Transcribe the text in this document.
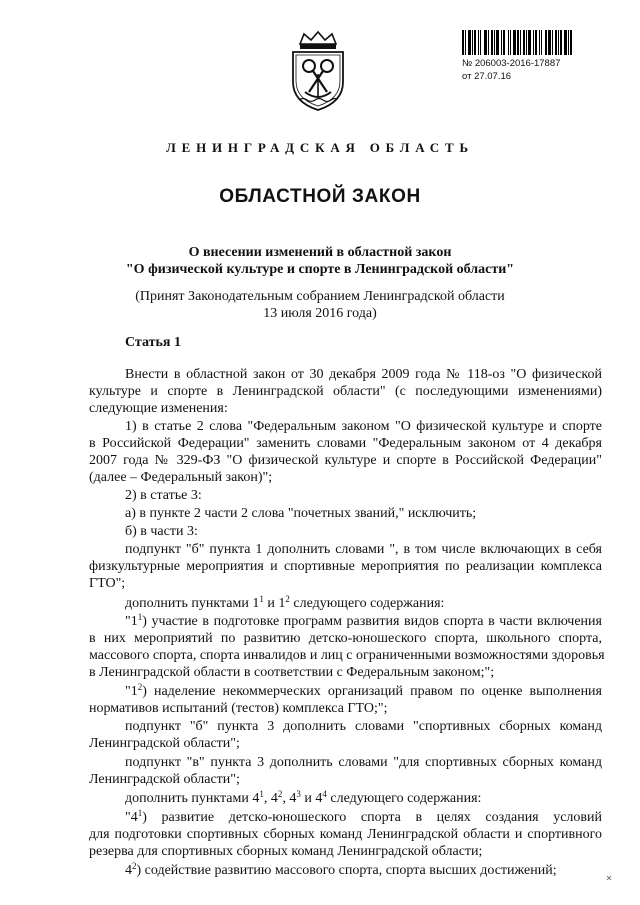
№ 206003-2016-17887
от 27.07.16
ЛЕНИНГРАДСКАЯ ОБЛАСТЬ
ОБЛАСТНОЙ ЗАКОН
О внесении изменений в областной закон
"О физической культуре и спорте в Ленинградской области"
(Принят Законодательным собранием Ленинградской области
13 июля 2016 года)
Статья 1
Внести в областной закон от 30 декабря 2009 года № 118-оз "О физической
культуре и спорте в Ленинградской области" (с последующими изменениями)
следующие изменения:
1) в статье 2 слова "Федеральным законом "О физической культуре и спорте
в Российской Федерации" заменить словами "Федеральным законом от 4 декабря
2007 года № 329-ФЗ "О физической культуре и спорте в Российской Федерации"
(далее – Федеральный закон)";
2) в статье 3:
а) в пункте 2 части 2 слова "почетных званий," исключить;
б) в части 3:
подпункт "б" пункта 1 дополнить словами ", в том числе включающих в себя
физкультурные мероприятия и спортивные мероприятия по реализации комплекса
ГТО";
дополнить пунктами $1^1$ и $1^2$ следующего содержания:
"$1^1$) участие в подготовке программ развития видов спорта в части включения
в них мероприятий по развитию детско-юношеского спорта, школьного спорта,
массового спорта, спорта инвалидов и лиц с ограниченными возможностями здоровья
в Ленинградской области в соответствии с Федеральным законом;";
"$1^2$) наделение некоммерческих организаций правом по оценке выполнения
нормативов испытаний (тестов) комплекса ГТО;";
подпункт "б" пункта 3 дополнить словами "спортивных сборных команд
Ленинградской области";
подпункт "в" пункта 3 дополнить словами "для спортивных сборных команд
Ленинградской области";
дополнить пунктами $4^1$, $4^2$, $4^3$ и $4^4$ следующего содержания:
"$4^1$) развитие детско-юношеского спорта в целях создания условий
для подготовки спортивных сборных команд Ленинградской области и спортивного
резерва для спортивных сборных команд Ленинградской области;
$4^2$) содействие развитию массового спорта, спорта высших достижений;
